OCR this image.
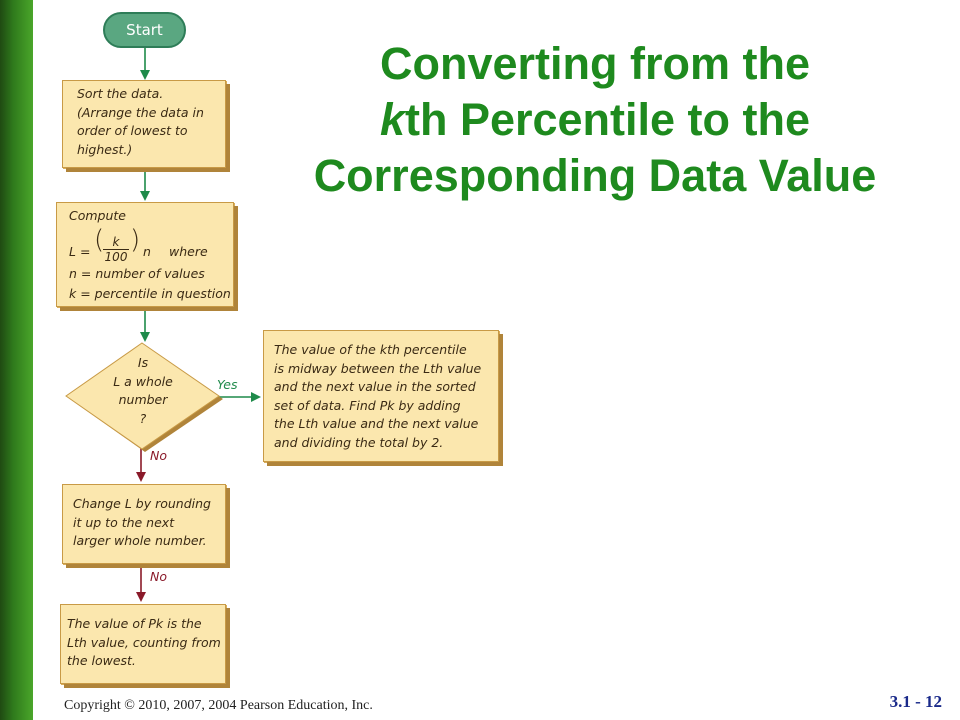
Converting from the
kth Percentile to the
Corresponding Data Value
Start
Sort the data.
(Arrange the data in
order of lowest to
highest.)
Compute
L = (
$\frac{k}{100}$ ) n where
n = number of values
k = percentile in question
Is
L a whole
number
?
Yes
No
No
The value of the kth percentile
is midway between the Lth value
and the next value in the sorted
set of data. Find Pk by adding
the Lth value and the next value
and dividing the total by 2.
Change L by rounding
it up to the next
larger whole number.
The value of Pk is the
Lth value, counting from
the lowest.
Copyright © 2010, 2007, 2004 Pearson Education, Inc.	3.1 - 12
